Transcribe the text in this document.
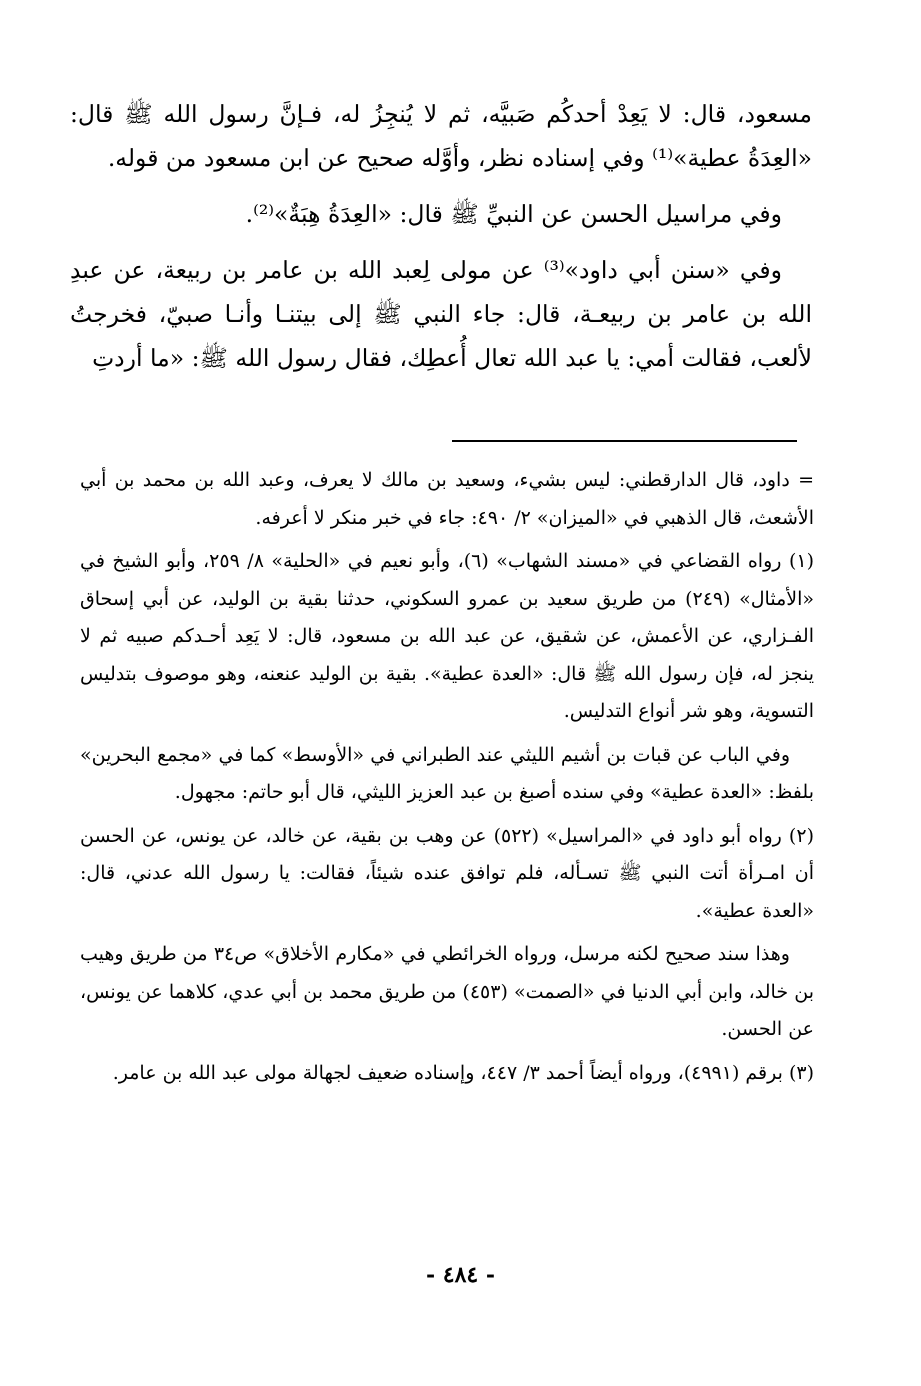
مسعود، قال: لا يَعِدْ أحدكُم صَبيَّه، ثم لا يُنجِزُ له، فـإنَّ رسول الله ﷺ قال: «العِدَةُ عطية»⁽¹⁾ وفي إسناده نظر، وأوَّله صحيح عن ابن مسعود من قوله.

وفي مراسيل الحسن عن النبيِّ ﷺ قال: «العِدَةُ هِبَةٌ»⁽²⁾.

وفي «سنن أبي داود»⁽³⁾ عن مولى لِعبد الله بن عامر بن ربيعة، عن عبدِ الله بن عامر بن ربيعـة، قال: جاء النبي ﷺ إلى بيتنـا وأنـا صبيّ، فخرجتُ لألعب، فقالت أمي: يا عبد الله تعال أُعطِك، فقال رسول الله ﷺ: «ما أردتِ

= داود، قال الدارقطني: ليس بشيء، وسعيد بن مالك لا يعرف، وعبد الله بن محمد بن أبي الأشعث، قال الذهبي في «الميزان» ٢/ ٤٩٠: جاء في خبر منكر لا أعرفه.

(١) رواه القضاعي في «مسند الشهاب» (٦)، وأبو نعيم في «الحلية» ٨/ ٢٥٩، وأبو الشيخ في «الأمثال» (٢٤٩) من طريق سعيد بن عمرو السكوني، حدثنا بقية بن الوليد، عن أبي إسحاق الفـزاري، عن الأعمش، عن شقيق، عن عبد الله بن مسعود، قال: لا يَعِد أحـدكم صبيه ثم لا ينجز له، فإن رسول الله ﷺ قال: «العدة عطية». بقية بن الوليد عنعنه، وهو موصوف بتدليس التسوية، وهو شر أنواع التدليس.

وفي الباب عن قبات بن أشيم الليثي عند الطبراني في «الأوسط» كما في «مجمع البحرين» بلفظ: «العدة عطية» وفي سنده أصبغ بن عبد العزيز الليثي، قال أبو حاتم: مجهول.

(٢) رواه أبو داود في «المراسيل» (٥٢٢) عن وهب بن بقية، عن خالد، عن يونس، عن الحسن أن امـرأة أتت النبي ﷺ تسـأله، فلم توافق عنده شيئاً، فقالت: يا رسول الله عدني، قال: «العدة عطية».

وهذا سند صحيح لكنه مرسل، ورواه الخرائطي في «مكارم الأخلاق» ص٣٤ من طريق وهيب بن خالد، وابن أبي الدنيا في «الصمت» (٤٥٣) من طريق محمد بن أبي عدي، كلاهما عن يونس، عن الحسن.

(٣) برقم (٤٩٩١)، ورواه أيضاً أحمد ٣/ ٤٤٧، وإسناده ضعيف لجهالة مولى عبد الله بن عامر.

- ٤٨٤ -
